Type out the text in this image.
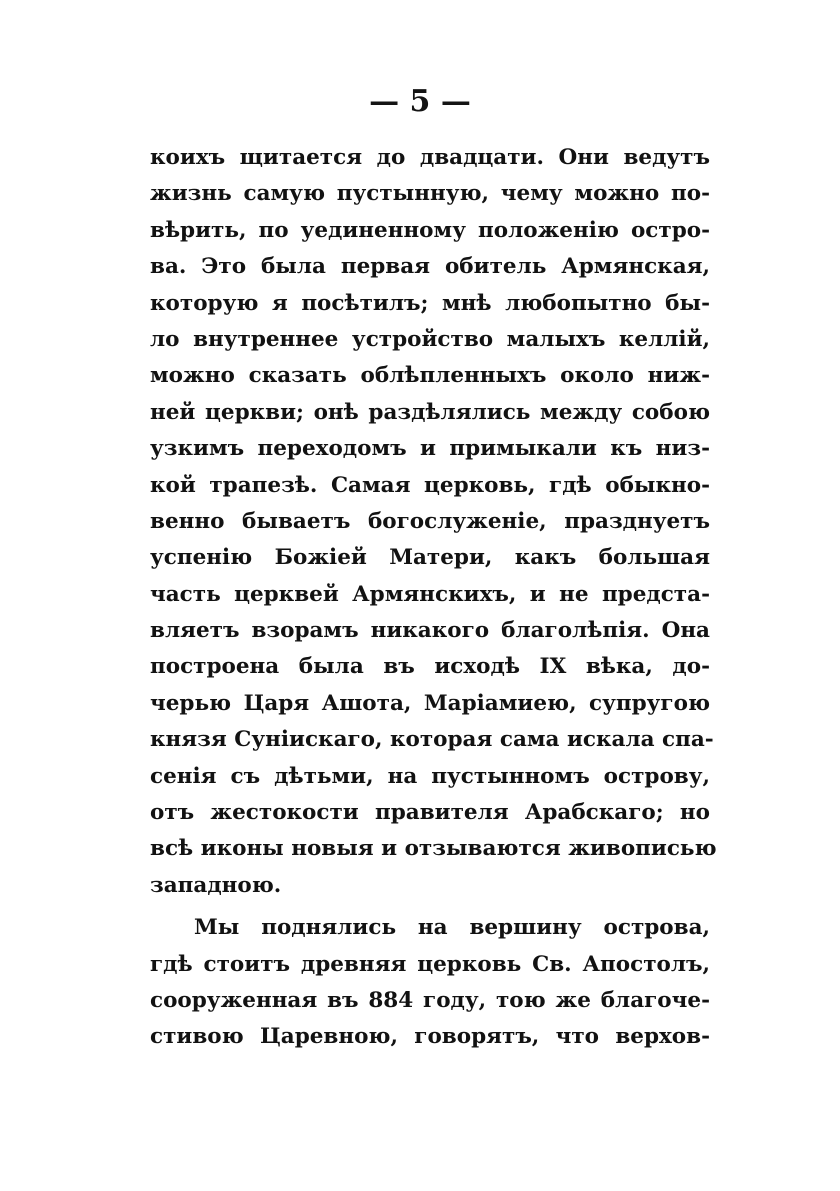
— 5 —
коихъ щитается до двадцати. Они ведутъ
жизнь самую пустынную, чему можно по-
вѣрить, по уединенному положенію остро-
ва. Это была первая обитель Армянская,
которую я посѣтилъ; мнѣ любопытно бы-
ло внутреннее устройство малыхъ келлій,
можно сказать облѣпленныхъ около ниж-
ней церкви; онѣ раздѣлялись между собою
узкимъ переходомъ и примыкали къ низ-
кой трапезѣ. Самая церковь, гдѣ обыкно-
венно бываетъ богослуженіе, празднуетъ
успенію Божіей Матери, какъ большая
часть церквей Армянскихъ, и не предста-
вляетъ взорамъ никакого благолѣпія. Она
построена была въ исходѣ IX вѣка, до-
черью Царя Ашота, Маріамиею, супругою
князя Суніискаго, которая сама искала спа-
сенія съ дѣтьми, на пустынномъ острову,
отъ жестокости правителя Арабскаго; но
всѣ иконы новыя и отзываются живописью
западною.
Мы поднялись на вершину острова,
гдѣ стоитъ древняя церковь Св. Апостолъ,
сооруженная въ 884 году, тою же благоче-
стивою Царевною, говорятъ, что верхов-
